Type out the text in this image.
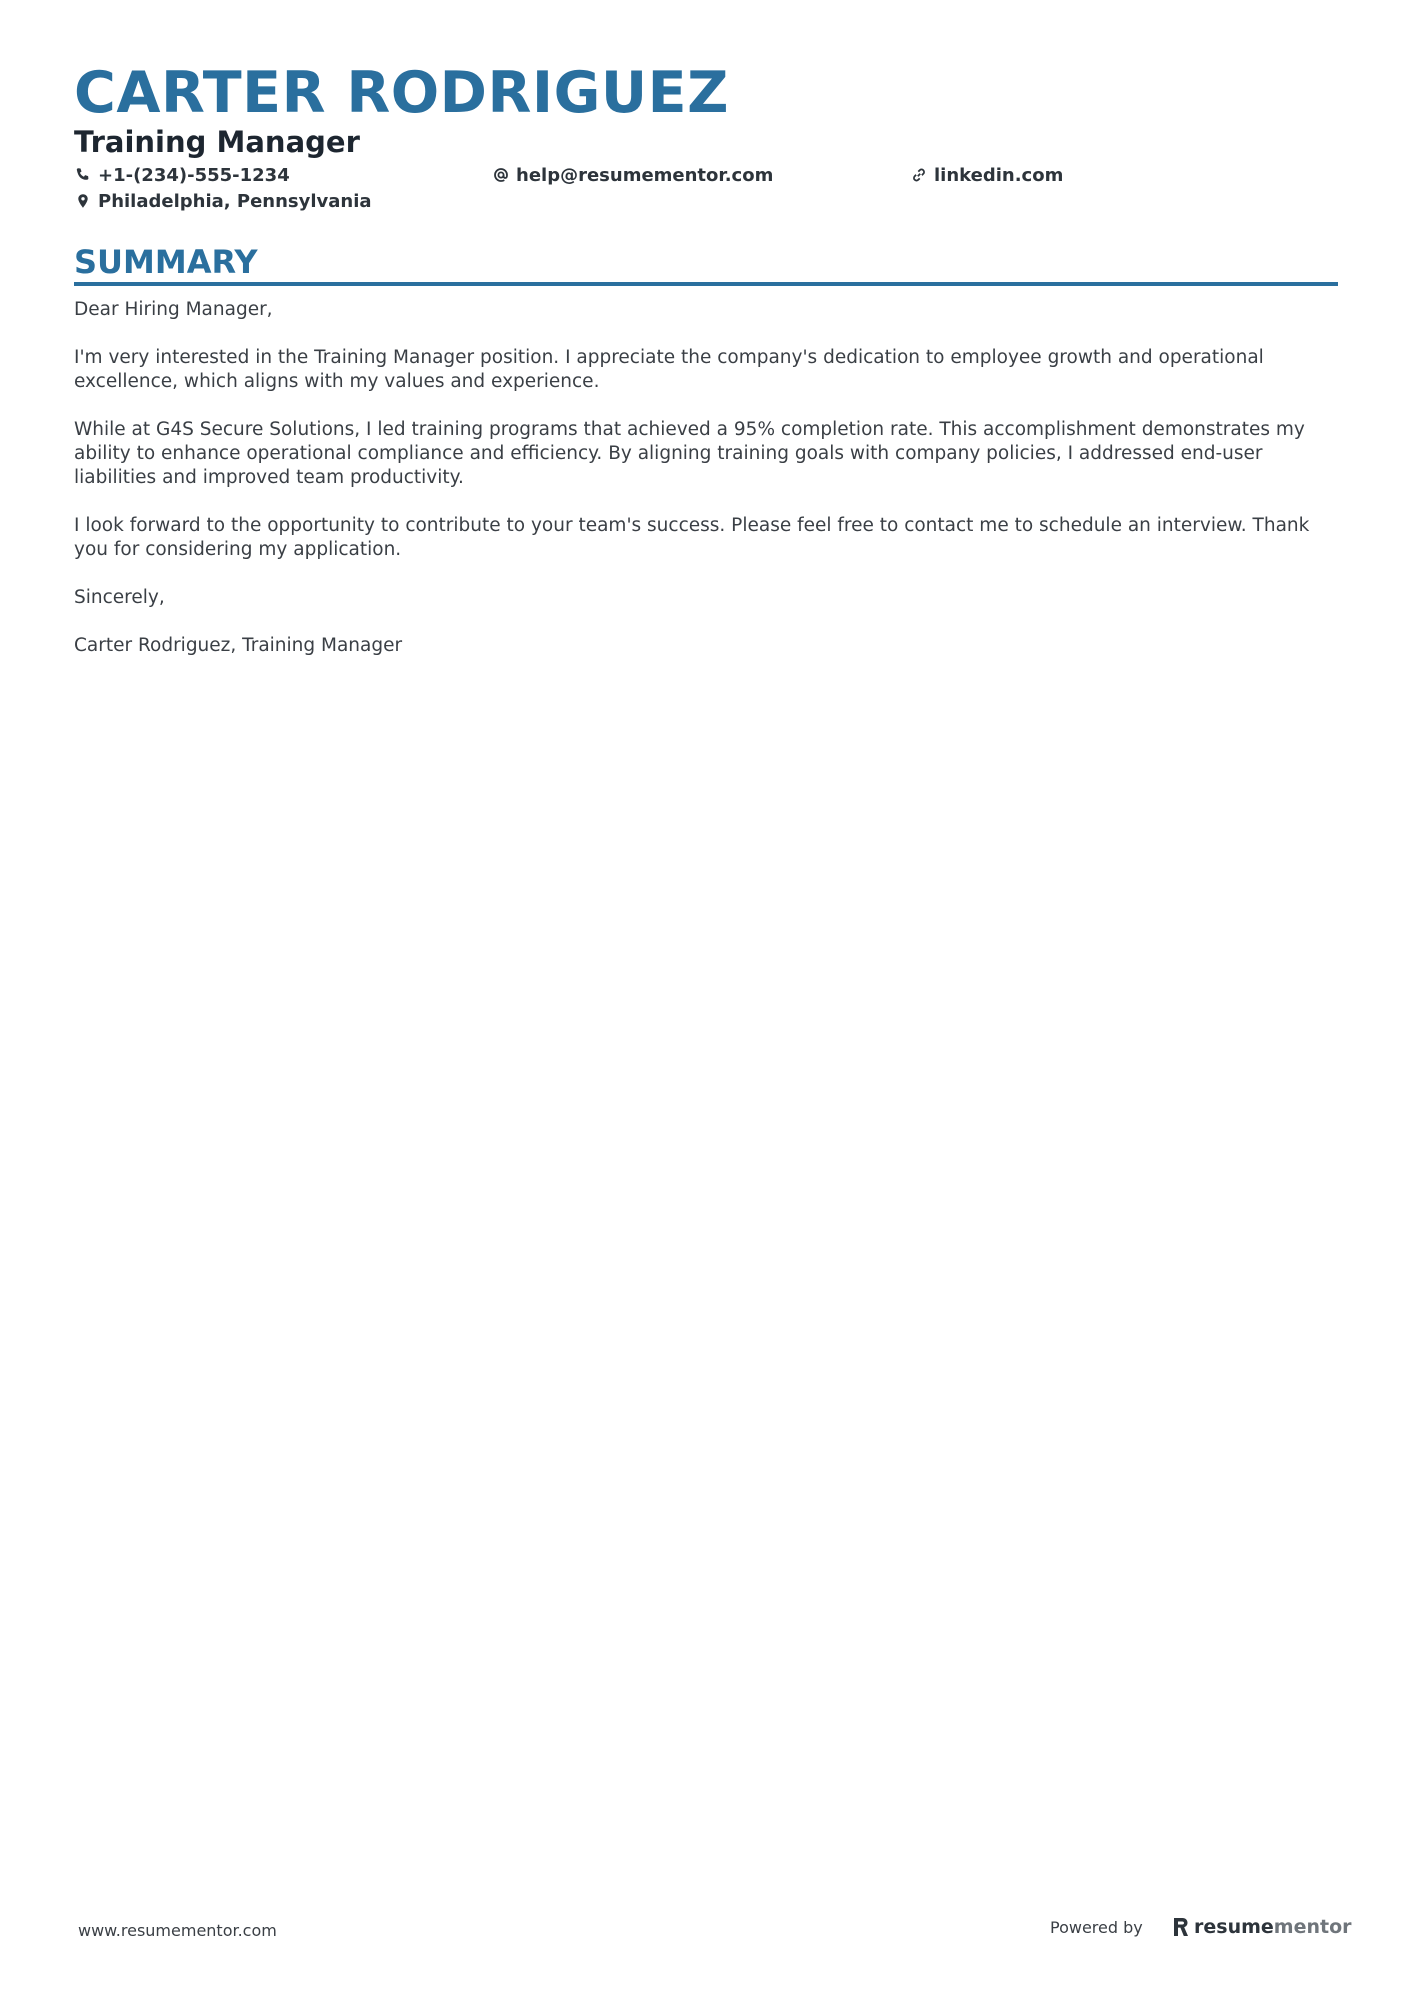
CARTER RODRIGUEZ
Training Manager
+1-(234)-555-1234	help@resumementor.com	linkedin.com
Philadelphia, Pennsylvania
SUMMARY

Dear Hiring Manager,

I'm very interested in the Training Manager position. I appreciate the company's dedication to employee growth and operational excellence, which aligns with my values and experience.

While at G4S Secure Solutions, I led training programs that achieved a 95% completion rate. This accomplishment demonstrates my ability to enhance operational compliance and efficiency. By aligning training goals with company policies, I addressed end-user liabilities and improved team productivity.

I look forward to the opportunity to contribute to your team's success. Please feel free to contact me to schedule an interview. Thank you for considering my application.

Sincerely,

Carter Rodriguez, Training Manager

www.resumementor.com	Powered by	resume mentor
